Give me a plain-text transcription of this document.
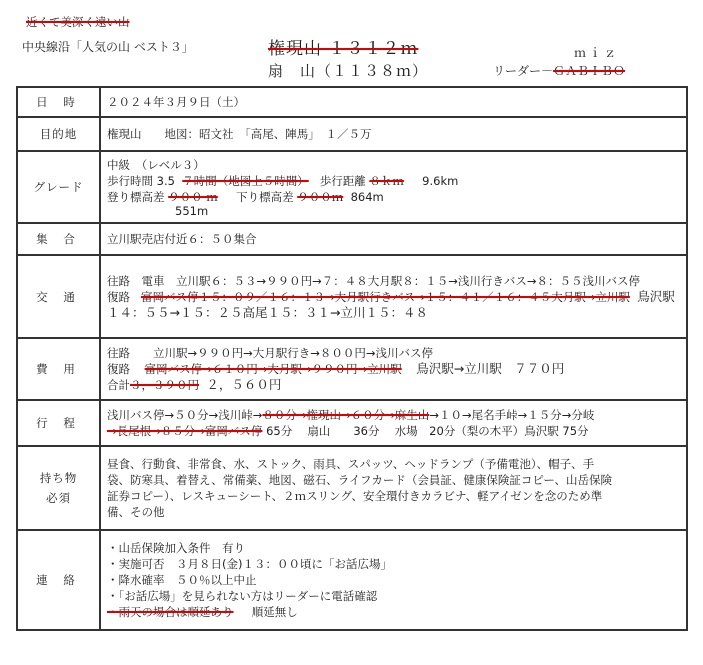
近くて美深く遠い山
中央線沿「人気の山 ベスト３」	権現山 １３１２ｍ
扇　山（１１３８ｍ）
ｍｉｚ
リーダー－ＧＡＢＩＢＯ
日 時	２０２４年３月９日（土）
目的地	権現山　　地図：昭文社　「高尾、陣馬」　１／５万
グレード	中級　（レベル３）
歩行時間 3.5 ７時間（地図上５時間） 歩行距離 ８ｋｍ 9.6km
登り標高差 ９００ ｍ 下り標高差 ９００ｍ 864m
551m

集 合	立川駅売店付近６：５０集合
交 通	往路　電車　立川駅６：５３→９９０円→７：４８大月駅８：１５→浅川行きバス→８：５５浅川バス停
復路 富岡バス停１５：０９／１６：１３→大月駅行きバス→１５：４１／１６：４５大月駅→立川駅 鳥沢駅１４：５５→１５：２５高尾１５：３１→立川１５：４８

費 用	往路　　立川駅→９９０円→大月駅行き→８００円→浅川バス停
復路 富岡バス停→６１０円→大月駅→９９０円→立川駅 鳥沢駅→立川駅　７７０円
合計３，３９０円 ２，５６０円

行 程	浅川バス停→５０分→浅川峠→８０分→権現山→６０分→麻生山→１０→尾名手峠→１５分→分岐
→長尾根→８５分→富岡バス停 65分　 扇山　　36分　 水場　20分（梨の木平）鳥沢駅 75分

持ち物
必須	昼食、行動食、非常食、水、ストック、雨具、スパッツ、ヘッドランプ（予備電池）、帽子、手
袋、防寒具、着替え、常備薬、地図、磁石、ライフカード（会員証、健康保険証コピー、山岳保険
証券コピー）、レスキューシート、２ｍスリング、安全環付きカラビナ、軽アイゼンを念のため準
備、その他

連 絡	・山岳保険加入条件　有り
・実施可否　３月８日(金)１３：００頃に「お話広場」
・降水確率　５０％以上中止
・「お話広場」を見られない方はリーダーに電話確認
・雨天の場合は順延あり 順延無し
